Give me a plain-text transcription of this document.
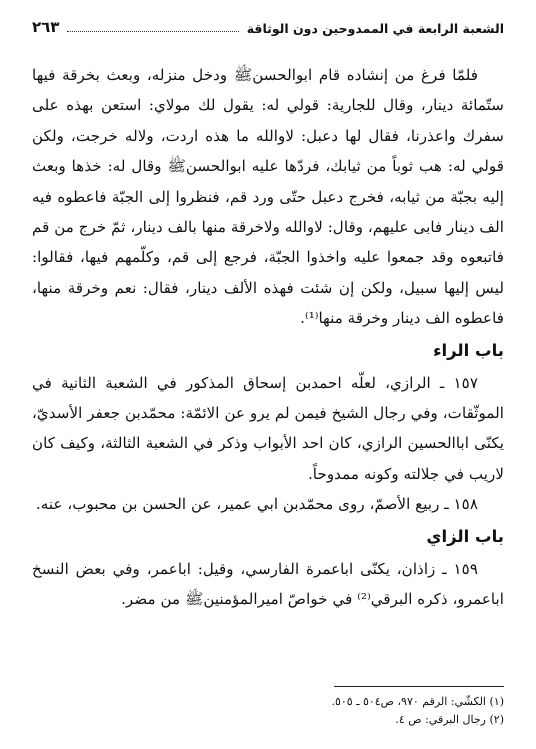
الشعبة الرابعة في الممدوحين دون الوثاقة
٢٦٣

فلمّا فرغ من إنشاده قام ابوالحسنﷺ ودخل منزله، وبعث بخرقة فيها ستّمائة دينار، وقال للجارية: قولي له: يقول لك مولاي: استعن بهذه على سفرك واعذرنا، فقال لها دعبل: لاوالله ما هذه اردت، ولاله خرجت، ولكن قولي له: هب ثوباً من ثيابك، فردّها عليه ابوالحسنﷺ وقال له: خذها وبعث إليه بجبّة من ثيابه، فخرج دعبل حتّى ورد قم، فنظروا إلى الجبّة فاعطوه فيه الف دينار فابى عليهم، وقال: لاوالله ولاخرقة منها بالف دينار، ثمّ خرج من قم فاتبعوه وقد جمعوا عليه واخذوا الجبّة، فرجع إلى قم، وكلّمهم فيها، فقالوا: ليس إليها سبيل، ولكن إن شئت فهذه الألف دينار، فقال: نعم وخرقة منها، فاعطوه الف دينار وخرقة منها⁽¹⁾.

باب الراء

١٥٧ ـ الرازي، لعلّه احمدبن إسحاق المذكور في الشعبة الثانية في الموثّقات، وفي رجال الشيخ فيمن لم يرو عن الائمّة: محمّدبن جعفر الأسديّ، يكنّى اباالحسين الرازي، كان احد الأبواب وذكر في الشعبة الثالثة، وكيف كان لاريب في جلالته وكونه ممدوحاً.

١٥٨ ـ ربيع الأصمّ، روى محمّدبن ابي عمير، عن الحسن بن محبوب، عنه.

باب الزاي

١٥٩ ـ زاذان، يكنّى اباعمرة الفارسي، وقيل: اباعمر، وفي بعض النسخ اباعمرو، ذكره البرقي⁽²⁾ في خواصّ اميرالمؤمنينﷺ من مضر.

(١) الكشّي: الرقم ٩٧٠، ص٥٠٤ ـ ٥٠٥.

(٢) رجال البرقي: ص ٤.
